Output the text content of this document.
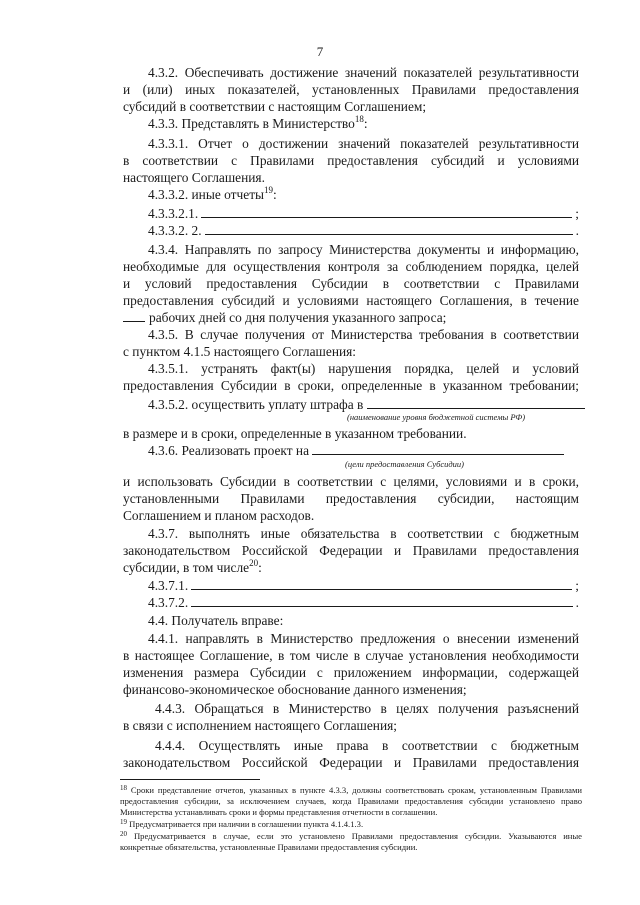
7
4.3.2. Обеспечивать достижение значений показателей результативности
и (или) иных показателей, установленных Правилами предоставления
субсидий в соответствии с настоящим Соглашением;
4.3.3. Представлять в Министерство$^{18}$:
4.3.3.1. Отчет о достижении значений показателей результативности
в соответствии с Правилами предоставления субсидий и условиями
настоящего Соглашения.
4.3.3.2. иные отчеты$^{19}$:
4.3.3.2.1.	;
4.3.3.2. 2.	.
4.3.4. Направлять по запросу Министерства документы и информацию,
необходимые для осуществления контроля за соблюдением порядка, целей
и условий предоставления Субсидии в соответствии с Правилами
предоставления субсидий и условиями настоящего Соглашения, в течение
рабочих дней со дня получения указанного запроса;
4.3.5. В случае получения от Министерства требования в соответствии
с пунктом 4.1.5 настоящего Соглашения:
4.3.5.1. устранять факт(ы) нарушения порядка, целей и условий
предоставления Субсидии в сроки, определенные в указанном требовании;
4.3.5.2. осуществить уплату штрафа в
(наименование уровня бюджетной системы РФ)
в размере и в сроки, определенные в указанном требовании.
4.3.6. Реализовать проект на
(цели предоставления Субсидии)
и использовать Субсидии в соответствии с целями, условиями и в сроки,
установленными Правилами предоставления субсидии, настоящим
Соглашением и планом расходов.
4.3.7. выполнять иные обязательства в соответствии с бюджетным
законодательством Российской Федерации и Правилами предоставления
субсидии, в том числе$^{20}$:
4.3.7.1.	;
4.3.7.2.	.
4.4. Получатель вправе:
4.4.1. направлять в Министерство предложения о внесении изменений
в настоящее Соглашение, в том числе в случае установления необходимости
изменения размера Субсидии с приложением информации, содержащей
финансово-экономическое обоснование данного изменения;
4.4.3. Обращаться в Министерство в целях получения разъяснений
в связи с исполнением настоящего Соглашения;
4.4.4. Осуществлять иные права в соответствии с бюджетным
законодательством Российской Федерации и Правилами предоставления
$^{18}$ Сроки представление отчетов, указанных в пункте 4.3.3, должны соответствовать срокам, установленным Правилами
предоставления субсидии, за исключением случаев, когда Правилами предоставления субсидии установлено право
Министерства устанавливать сроки и формы представления отчетности в соглашении.
$^{19}$ Предусматривается при наличии в соглашении пункта 4.1.4.1.3.
$^{20}$ Предусматривается в случае, если это установлено Правилами предоставления субсидии. Указываются иные
конкретные обязательства, установленные Правилами предоставления субсидии.
